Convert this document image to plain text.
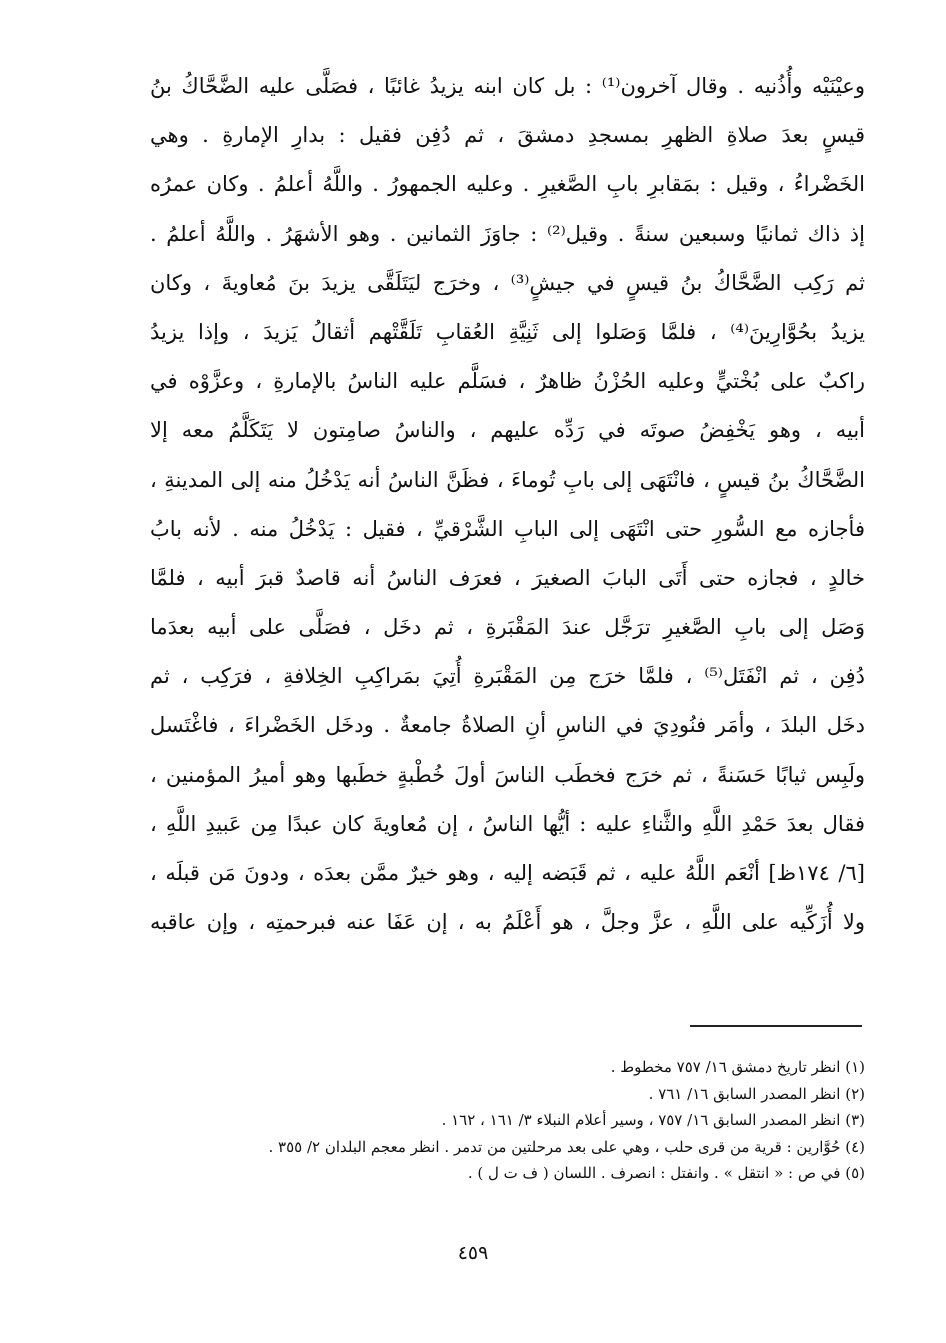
وعيْنَيْه وأُذُنيه . وقال آخرون⁽¹⁾ : بل كان ابنه يزيدُ غائبًا ، فصَلَّى عليه الضَّحَّاكُ بنُ
قيسٍ بعدَ صلاةِ الظهرِ بمسجدِ دمشقَ ، ثم دُفِن فقيل : بدارِ الإمارةِ . وهي
الخَضْراءُ ، وقيل : بمَقابرِ بابِ الصَّغيرِ . وعليه الجمهورُ . واللَّهُ أعلمُ . وكان عمرُه
إذ ذاك ثمانيًا وسبعين سنةً . وقيل⁽²⁾ : جاوَزَ الثمانين . وهو الأشهَرُ . واللَّهُ أعلمُ .
ثم رَكِب الضَّحَّاكُ بنُ قيسٍ في جيشٍ⁽³⁾ ، وخرَج ليَتَلَقَّى يزيدَ بنَ مُعاويةَ ، وكان
يزيدُ بحُوَّارِينَ⁽⁴⁾ ، فلمَّا وَصَلوا إلى ثَنِيَّةِ العُقابِ تَلَقَّتْهم أثقالُ يَزيدَ ، وإذا يزيدُ
راكبٌ على بُخْتيٍّ وعليه الحُزْنُ ظاهرٌ ، فسَلَّم عليه الناسُ بالإمارةِ ، وعزَّوْه في
أبيه ، وهو يَخْفِضُ صوتَه في رَدِّه عليهم ، والناسُ صامِتون لا يَتَكَلَّمُ معه إلا
الضَّحَّاكُ بنُ قيسٍ ، فانْتَهَى إلى بابِ تُوماءَ ، فظَنَّ الناسُ أنه يَدْخُلُ منه إلى المدينةِ ،
فأجازه مع السُّورِ حتى انْتَهَى إلى البابِ الشَّرْقيِّ ، فقيل : يَدْخُلُ منه . لأنه بابُ
خالدٍ ، فجازه حتى أَتَى البابَ الصغيرَ ، فعرَف الناسُ أنه قاصدٌ قبرَ أبيه ، فلمَّا
وَصَل إلى بابِ الصَّغيرِ ترَجَّل عندَ المَقْبَرةِ ، ثم دخَل ، فصَلَّى على أبيه بعدَما
دُفِن ، ثم انْفَتَل⁽⁵⁾ ، فلمَّا خرَج مِن المَقْبَرةِ أُتِيَ بمَراكِبِ الخِلافةِ ، فرَكِب ، ثم
دخَل البلدَ ، وأمَر فنُودِيَ في الناسِ أنِ الصلاةُ جامعةٌ . ودخَل الخَضْراءَ ، فاغْتَسل
ولَبِس ثيابًا حَسَنةً ، ثم خرَج فخطَب الناسَ أولَ خُطْبةٍ خطَبها وهو أميرُ المؤمنين ،
فقال بعدَ حَمْدِ اللَّهِ والثَّناءِ عليه : أيُّها الناسُ ، إن مُعاويةَ كان عبدًا مِن عَبيدِ اللَّهِ ،
[٦/ ١٧٤ظ] أنْعَم اللَّهُ عليه ، ثم قَبَضه إليه ، وهو خيرٌ ممَّن بعدَه ، ودونَ مَن قبلَه ،
ولا أُزَكِّيه على اللَّهِ ، عزَّ وجلَّ ، هو أَعْلَمُ به ، إن عَفَا عنه فبرحمتِه ، وإن عاقبه
(١) انظر تاريخ دمشق ١٦/ ٧٥٧ مخطوط .
(٢) انظر المصدر السابق ١٦/ ٧٦١ .
(٣) انظر المصدر السابق ١٦/ ٧٥٧ ، وسير أعلام النبلاء ٣/ ١٦١ ، ١٦٢ .
(٤) حُوَّارين : قرية من قرى حلب ، وهي على بعد مرحلتين من تدمر . انظر معجم البلدان ٢/ ٣٥٥ .
(٥) في ص : « انتقل » . وانفتل : انصرف . اللسان ( ف ت ل ) .
٤٥٩
